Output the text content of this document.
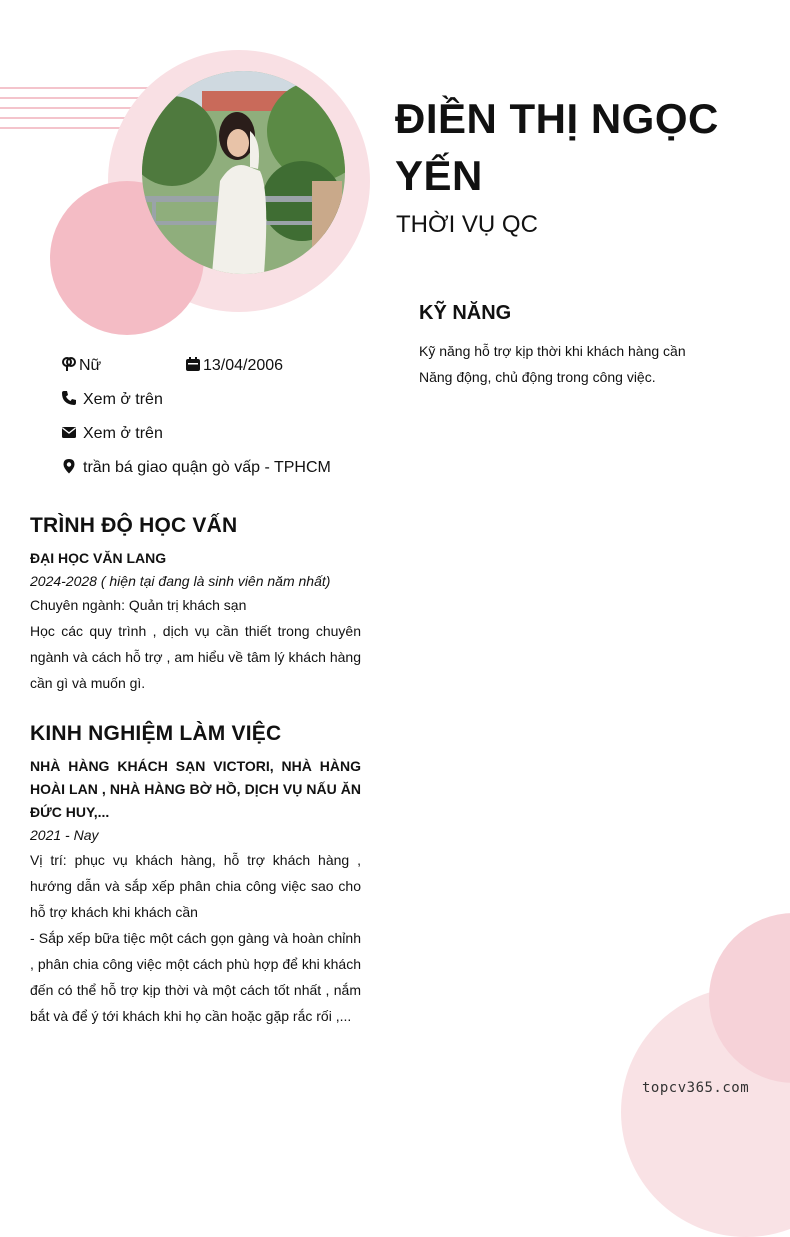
ĐIỀN THỊ NGỌC YẾN
THỜI VỤ QC
KỸ NĂNG
Kỹ năng hỗ trợ kịp thời khi khách hàng cần
Năng động, chủ động trong công việc.
Nữ	13/04/2006
Xem ở trên
Xem ở trên
trần bá giao quận gò vấp - TPHCM
TRÌNH ĐỘ HỌC VẤN
ĐẠI HỌC VĂN LANG
2024-2028 ( hiện tại đang là sinh viên năm nhất)
Chuyên ngành: Quản trị khách sạn
Học các quy trình , dịch vụ cần thiết trong chuyên ngành và cách hỗ trợ , am hiểu về tâm lý khách hàng cần gì và muốn gì.
KINH NGHIỆM LÀM VIỆC
NHÀ HÀNG KHÁCH SẠN VICTORI, NHÀ HÀNG HOÀI LAN , NHÀ HÀNG BỜ HỒ, DỊCH VỤ NẤU ĂN ĐỨC HUY,...
2021 - Nay
Vị trí: phục vụ khách hàng, hỗ trợ khách hàng , hướng dẫn và sắp xếp phân chia công việc sao cho hỗ trợ khách khi khách cần
- Sắp xếp bữa tiệc một cách gọn gàng và hoàn chỉnh , phân chia công việc một cách phù hợp để khi khách đến có thể hỗ trợ kịp thời và một cách tốt nhất , nắm bắt và để ý tới khách khi họ cần hoặc gặp rắc rối ,...
topcv365.com
